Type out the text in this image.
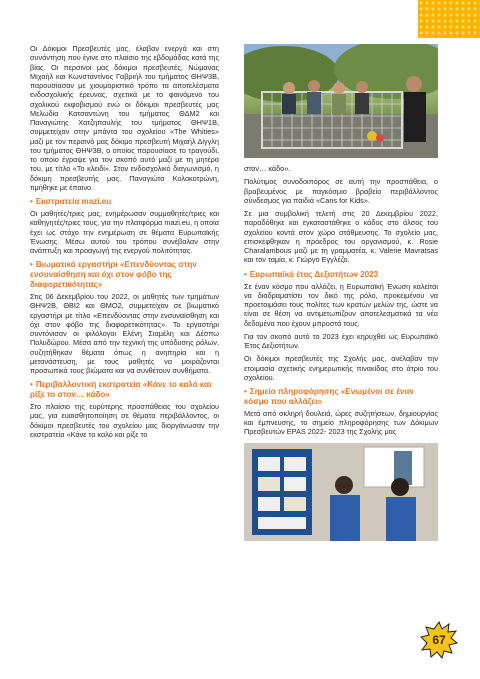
Οι Δόκιμοι Πρεσβευτές μας, έλαβαν ενεργά και στη συνάντηση που έγινε στο πλαίσιο της εβδομάδας κατά της βίας. Οι περσινοί μας δόκιμοι πρεσβευτές, Νώμανας Μιχαήλ και Κωνσταντίνος Γαβριήλ του τμήματος ΘΗΨ3Β, παρουσίασαν με χιουμοριστικό τρόπο τα αποτελέσματα ενδοσχολικής έρευνας, σχετικά με το φαινόμενο του σχολικού εκφοβισμού ενώ οι δόκιμοι πρεσβευτές μας Μελωδία Κατσαντώνη του τμήματος ΘΔΜ2 και Παναγιώτης Χατζηπαυλής του τμήματος ΘΗΨ1Β, συμμετείχαν στην μπάντα του σχολείου «The Whities» μαζί με τον περσινό μας δόκιμο πρεσβευτή Μιχαήλ Δίγγλη του τμήματος ΘΗΨ3Β, ο οποίος παρουσίασε το τραγούδι, το οποίο έγραψε για τον σκοπό αυτό μαζί με τη μητέρα του, με τίτλο «Το κλειδί». Στον ενδοσχολικό διαγωνισμό, η δόκιμη πρεσβευτής μας, Παναγιώτα Κολοκοτρώνη, τιμήθηκε με έπαινο.

• Εκστρατεία mazi.eu

Οι μαθητές/τριες μας, ενημέρωσαν συμμαθητές/τριες και καθηγητές/τριες τους, για την πλατφόρμα mazi.eu, η οποία έχει ως στόχο την ενημέρωση σε θέματα Ευρωπαϊκής Ένωσης. Μέσω αυτού του τρόπου συνέβαλαν στην ανάπτυξη και προαγωγή της ενεργού πολιτότητας.

• Βιωματικό εργαστήρι «Επενδύοντας στην ενσυναίσθηση και όχι στον φόβο της διαφορετικότητας»

Στις 06 Δεκεμβρίου του 2022, οι μαθητές των τμημάτων ΘΗΨ2Β, ΘΒΙ2 και ΘΜΟ2, συμμετείχαν σε βιωματικό εργαστήρι με τίτλο «Επενδύοντας στην ενσυναίσθηση και όχι στον φόβο της διαφορετικότητας». Το εργαστήρι συντόνισαν οι φιλόλογοι Ελένη Σιαμέλη και Δέσπω Πολυδώρου. Μέσα από την τεχνική της υπόδυσης ρόλων, συζητήθηκαν θέματα όπως η ανηπηρία και η μετανάστευση, με τους μαθητές να μοιράζονται προσωπικά τους βιώματα και να συνθέτουν συνθήματα.

• Περιβαλλοντική εκστρατεία «Κάνε το καλό και ρίξε το στον… κάδο»

Στο πλαίσιο της ευρύτερης προσπάθειας του σχολείου μας, για ευαισθητοποίηση σε θέματα περιβάλλοντος, οι δόκιμοι πρεσβευτές του σχολείου μας διοργάνωσαν την εκστρατεία «Κάνε το καλό και ρίξε το

στον… κάδο».

Πολύτιμος συνοδοιπόρος σε αυτή την προσπάθεια, ο βραβευμένος με παγκόσμιο βραβείο περιβάλλοντος σύνδεσμος για παιδιά «Cans for Kids».

Σε μια συμβολική τελετή στις 20 Δεκεμβρίου 2022, παραδόθηκε και εγκαταστάθηκε ο κάδος στο άλσος του σχολείου κοντά στον χώρο στάθμευσης. Το σχολείο μας, επισκέφθηκαν η πρόεδρος του οργανισμού, κ. Rosie Charalambous μαζί με τη γραμματέα, κ. Valerie Mavratsas και τον ταμία, κ. Γιώργο Εγγλέζο.

• Ευρωπαϊκό έτος Δεξιοτήτων 2023

Σε έναν κόσμο που αλλάζει, η Ευρωπαϊκή Ένωση καλείται να διαδραματίσει τον δικό της ρόλο, προκειμένου να προετοιμάσει τους πολίτες των κρατών μελών της, ώστε να είναι σε θέση να αντιμετωπίζουν αποτελεσματικά τα νέα δεδομένα που έχουν μπροστά τους.

Για τον σκοπό αυτό το 2023 έχει κηρυχθεί ως Ευρωπαϊκό Έτος Δεξιοτήτων.

Οι δόκιμοι πρεσβευτές της Σχολής μας, ανέλαβαν την ετοιμασία σχετικής ενημερωτικής πινακίδας στο άτριο του σχολείου.

• Σημείο πληροφόρησης «Ενωμένοι σε έναν κόσμο που αλλάζει»

Μετά από σκληρή δουλειά, ώρες συζητήσεων, δημιουργίας και έμπνευσης, το σημείο πληροφόρησης των Δόκιμων Πρεσβευτών EPAS 2022- 2023 της Σχολής μας

67
